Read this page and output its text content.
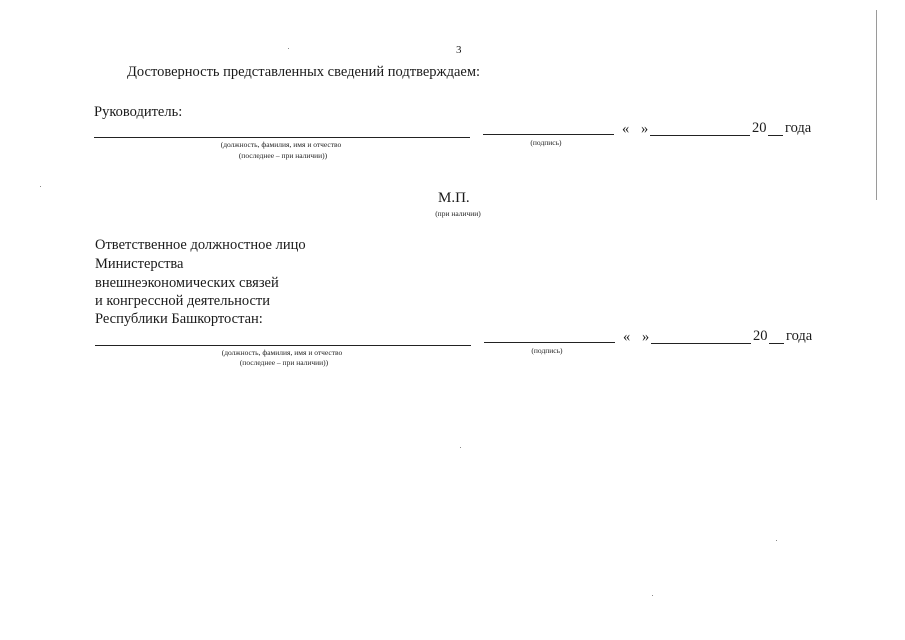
3
Достоверность представленных сведений подтверждаем:
Руководитель:
« »	20 года
(должность, фамилия, имя и отчество
(последнее – при наличии))
(подпись)
М.П.
(при наличии)
Ответственное должностное лицо
Министерства
внешнеэкономических связей
и конгрессной деятельности
Республики Башкортостан:
« »	20 года
(должность, фамилия, имя и отчество
(последнее – при наличии))
(подпись)
